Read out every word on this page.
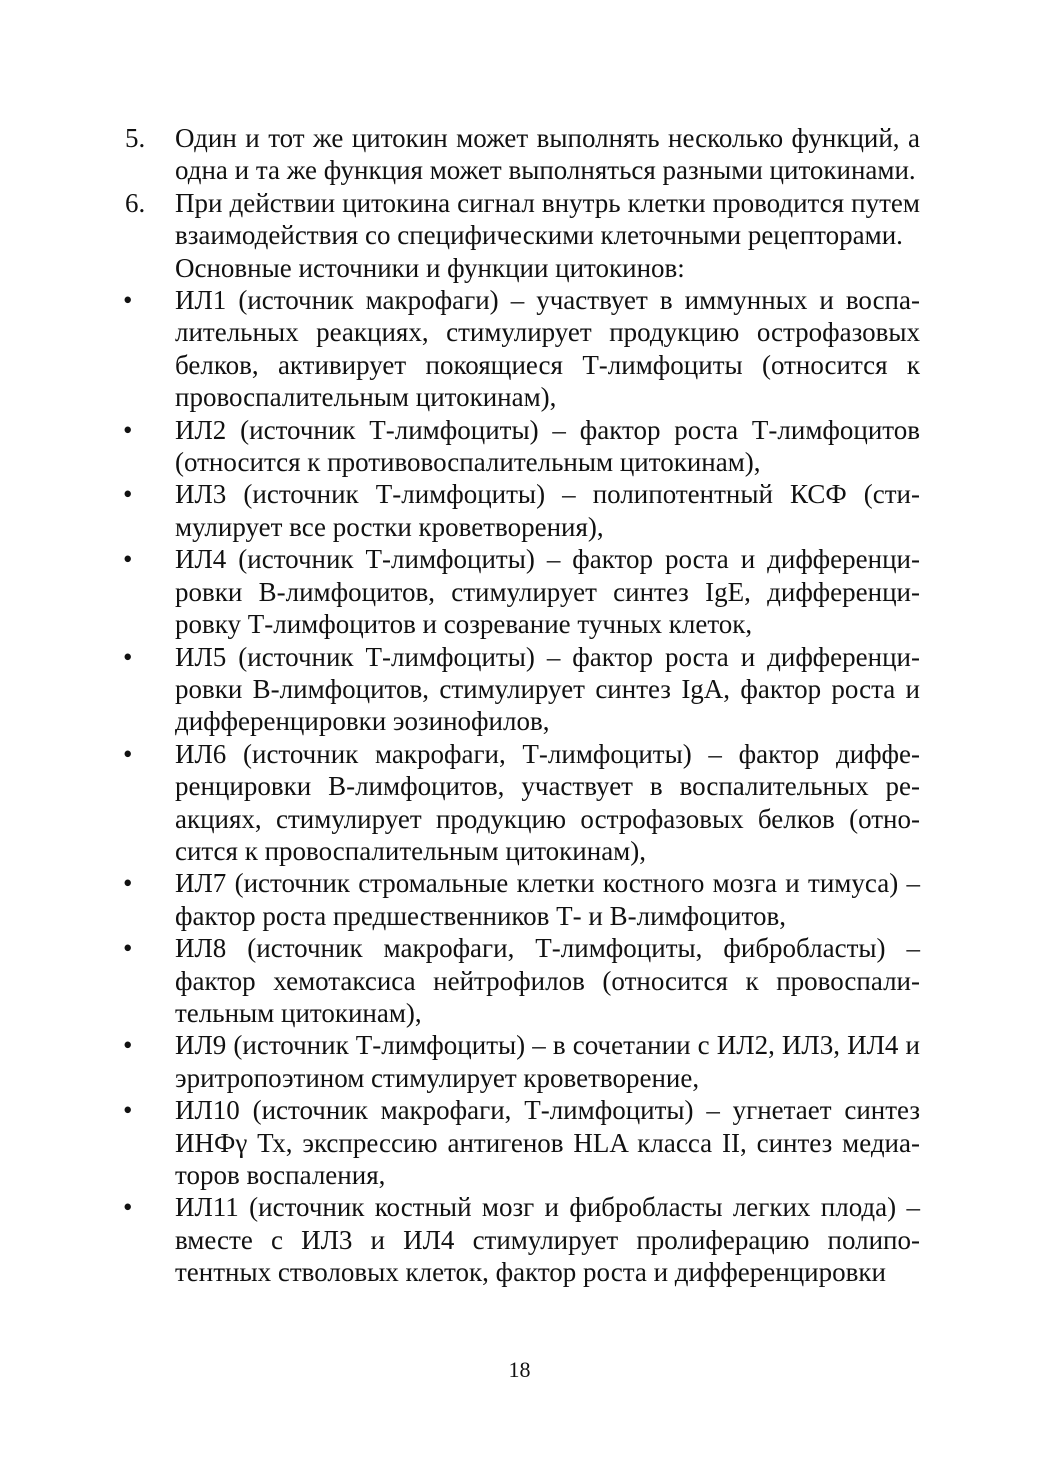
5. Один и тот же цитокин может выполнять несколько функций, а одна и та же функция может выполняться разными цитокинами.
6. При действии цитокина сигнал внутрь клетки проводится путем взаимодействия со специфическими клеточными рецепторами.
Основные источники и функции цитокинов:
• ИЛ1 (источник макрофаги) – участвует в иммунных и воспалительных реакциях, стимулирует продукцию острофазовых белков, активирует покоящиеся Т-лимфоциты (относится к провоспалительным цитокинам),
• ИЛ2 (источник Т-лимфоциты) – фактор роста Т-лимфоцитов (относится к противовоспалительным цитокинам),
• ИЛ3 (источник Т-лимфоциты) – полипотентный КСФ (стимулирует все ростки кроветворения),
• ИЛ4 (источник Т-лимфоциты) – фактор роста и дифференцировки В-лимфоцитов, стимулирует синтез IgE, дифференцировку Т-лимфоцитов и созревание тучных клеток,
• ИЛ5 (источник Т-лимфоциты) – фактор роста и дифференцировки В-лимфоцитов, стимулирует синтез IgA, фактор роста и дифференцировки эозинофилов,
• ИЛ6 (источник макрофаги, Т-лимфоциты) – фактор дифференцировки В-лимфоцитов, участвует в воспалительных реакциях, стимулирует продукцию острофазовых белков (относится к провоспалительным цитокинам),
• ИЛ7 (источник стромальные клетки костного мозга и тимуса) – фактор роста предшественников Т- и В-лимфоцитов,
• ИЛ8 (источник макрофаги, Т-лимфоциты, фибробласты) – фактор хемотаксиса нейтрофилов (относится к провоспалительным цитокинам),
• ИЛ9 (источник Т-лимфоциты) – в сочетании с ИЛ2, ИЛ3, ИЛ4 и эритропоэтином стимулирует кроветворение,
• ИЛ10 (источник макрофаги, Т-лимфоциты) – угнетает синтез ИНФγ Тх, экспрессию антигенов HLA класса II, синтез медиаторов воспаления,
• ИЛ11 (источник костный мозг и фибробласты легких плода) – вместе с ИЛ3 и ИЛ4 стимулирует пролиферацию полипотентных стволовых клеток, фактор роста и дифференцировки
18
